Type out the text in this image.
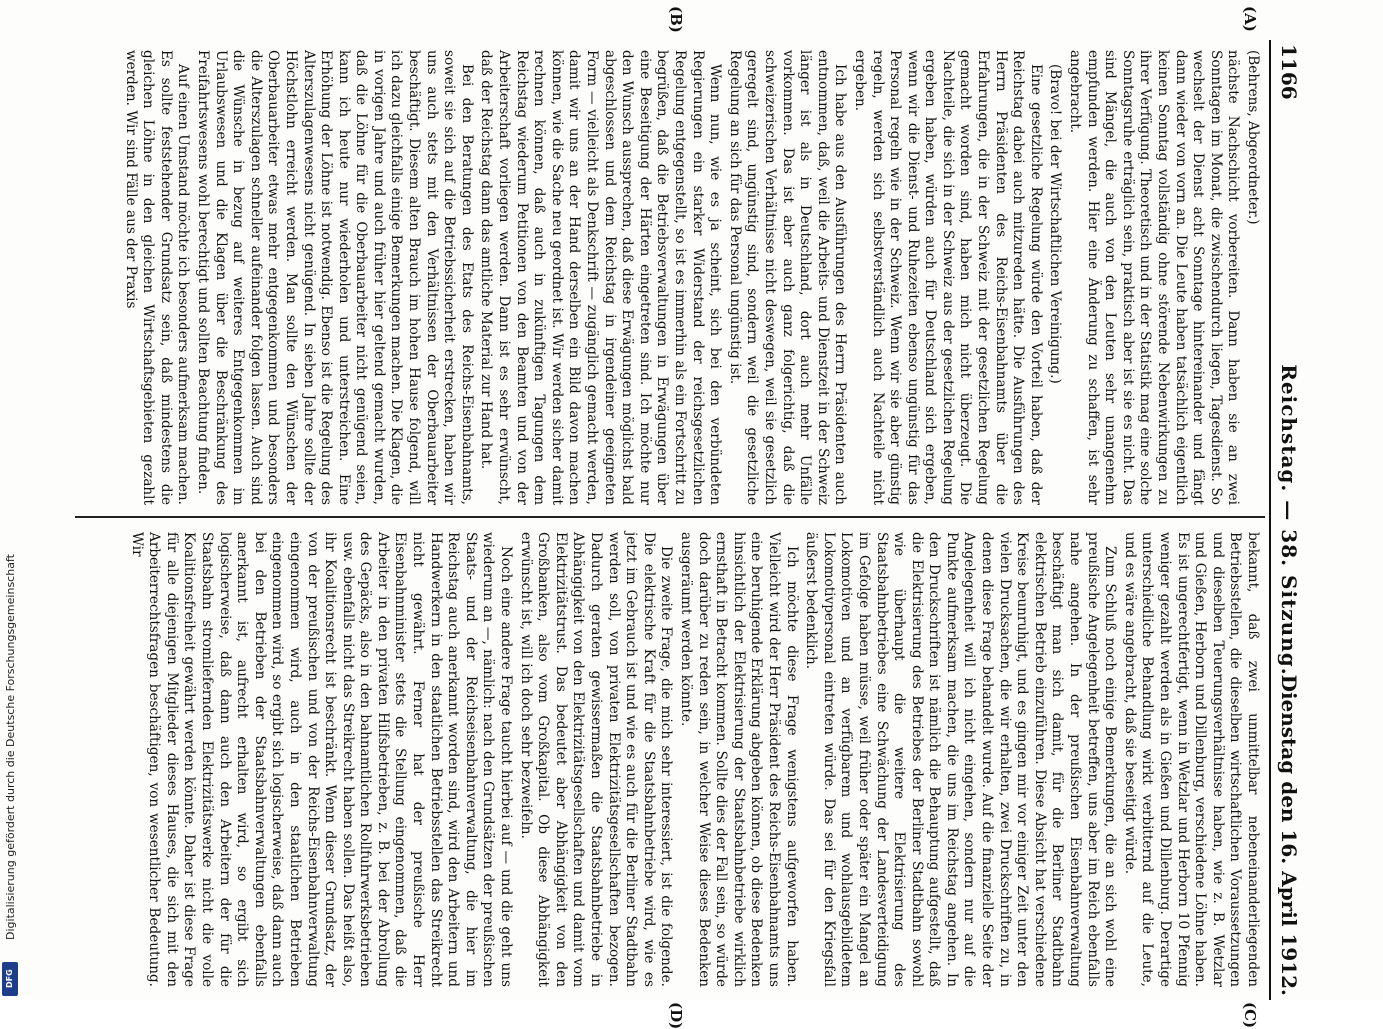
1166
Reichstag. — 38. Sitzung.
Dienstag den 16. April 1912.

(Behrens, Abgeordneter.)

nächste Nachschicht vorbereiten. Dann haben sie an zwei Sonntagen im Monat, die zwischendurch liegen, Tagesdienst. So wechselt der Dienst acht Sonntage hintereinander und fängt dann wieder von vorn an. Die Leute haben tatsächlich eigentlich keinen Sonntag vollständig ohne störende Nebenwirkungen zu ihrer Verfügung. Theoretisch und in der Statistik mag eine solche Sonntagsruhe erträglich sein, praktisch aber ist sie es nicht. Das sind Mängel, die auch von den Leuten sehr unangenehm empfunden werden. Hier eine Änderung zu schaffen, ist sehr angebracht.

(Bravo! bei der Wirtschaftlichen Vereinigung.)

Eine gesetzliche Regelung würde den Vorteil haben, daß der Reichstag dabei auch mitzureden hätte. Die Ausführungen des Herrn Präsidenten des Reichs-Eisenbahnamts über die Erfahrungen, die in der Schweiz mit der gesetzlichen Regelung gemacht worden sind, haben mich nicht überzeugt. Die Nachteile, die sich in der Schweiz aus der gesetzlichen Regelung ergeben haben, würden auch für Deutschland sich ergeben, wenn wir die Dienst- und Ruhezeiten ebenso ungünstig für das Personal regeln wie in der Schweiz. Wenn wir sie aber günstig regeln, werden sich selbstverständlich auch Nachteile nicht ergeben.

Ich habe aus den Ausführungen des Herrn Präsidenten auch entnommen, daß, weil die Arbeits- und Dienstzeit in der Schweiz länger ist als in Deutschland, dort auch mehr Unfälle vorkommen. Das ist aber auch ganz folgerichtig, daß die schweizerischen Verhältnisse nicht deswegen, weil sie gesetzlich geregelt sind, ungünstig sind, sondern weil die gesetzliche Regelung an sich für das Personal ungünstig ist.

Wenn nun, wie es ja scheint, sich bei den verbündeten Regierungen ein starker Widerstand der reichsgesetzlichen Regelung entgegenstellt, so ist es immerhin als ein Fortschritt zu begrüßen, daß die Betriebsverwaltungen in Erwägungen über eine Beseitigung der Härten eingetreten sind. Ich möchte nur den Wunsch aussprechen, daß diese Erwägungen möglichst bald abgeschlossen und dem Reichstag in irgendeiner geeigneten Form — vielleicht als Denkschrift — zugänglich gemacht werden, damit wir uns an der Hand derselben ein Bild davon machen können, wie die Sache neu geordnet ist. Wir werden sicher damit rechnen können, daß auch in zukünftigen Tagungen dem Reichstag wiederum Petitionen von den Beamten und von der Arbeiterschaft vorliegen werden. Dann ist es sehr erwünscht, daß der Reichstag dann das amtliche Material zur Hand hat.

Bei den Beratungen des Etats des Reichs-Eisenbahnamts, soweit sie sich auf die Betriebssicherheit erstrecken, haben wir uns auch stets mit den Verhältnissen der Oberbauarbeiter beschäftigt. Diesem alten Brauch im hohen Hause folgend, will ich dazu gleichfalls einige Bemerkungen machen. Die Klagen, die in vorigen Jahre und auch früher hier geltend gemacht wurden, daß die Löhne für die Oberbauarbeiter nicht genügend seien, kann ich heute nur wiederholen und unterstreichen. Eine Erhöhung der Löhne ist notwendig. Ebenso ist die Regelung des Alterszulagenwesens nicht genügend. In sieben Jahre sollte der Höchstlohn erreicht werden. Man sollte den Wünschen der Oberbauarbeiter etwas mehr entgegenkommen und besonders die Alterszulagen schneller aufeinander folgen lassen. Auch sind die Wünsche in bezug auf weiteres Entgegenkommen im Urlaubswesen und die Klagen über die Beschränkung des Freifahrtswesens wohl berechtigt und sollten Beachtung finden.

Auf einen Umstand möchte ich besonders aufmerksam machen. Es sollte feststehender Grundsatz sein, daß mindestens die gleichen Löhne in den gleichen Wirtschaftsgebieten gezahlt werden. Wir sind Fälle aus der Praxis

bekannt, daß zwei unmittelbar nebeneinanderliegenden Betriebsstellen, die dieselben wirtschaftlichen Voraussetzungen und dieselben Teuerungsverhältnisse haben, wie z. B. Wetzlar und Gießen, Herborn und Dillenburg, verschiedene Löhne haben. Es ist ungerechtfertigt, wenn in Wetzlar und Herborn 10 Pfennig weniger gezahlt werden als in Gießen und Dillenburg. Derartige unterschiedliche Behandlung wirkt verbitternd auf die Leute, und es wäre angebracht, daß sie beseitigt würde.

Zum Schluß noch einige Bemerkungen, die an sich wohl eine preußische Angelegenheit betreffen, uns aber im Reich ebenfalls nahe angehen. In der preußischen Eisenbahnverwaltung beschäftigt man sich damit, für die Berliner Stadtbahn elektrischen Betrieb einzuführen. Diese Absicht hat verschiedene Kreise beunruhigt, und es gingen mir vor einiger Zeit unter den vielen Drucksachen, die wir erhalten, zwei Druckschriften zu, in denen diese Frage behandelt wurde. Auf die finanzielle Seite der Angelegenheit will ich nicht eingehen, sondern nur auf die Punkte aufmerksam machen, die uns im Reichstag angehen. In den Druckschriften ist nämlich die Behauptung aufgestellt, daß die Elektrisierung des Betriebes der Berliner Stadtbahn sowohl wie überhaupt die weitere Elektrisierung des Staatsbahnbetriebes eine Schwächung der Landesverteidigung im Gefolge haben müsse, weil früher oder später ein Mangel an Lokomotiven und an verfügbarem und wohlausgebildetem Lokomotivpersonal eintreten würde. Das sei für den Kriegsfall äußerst bedenklich.

Ich möchte diese Frage wenigstens aufgeworfen haben. Vielleicht wird der Herr Präsident des Reichs-Eisenbahnamts uns eine beruhigende Erklärung abgeben können, ob diese Bedenken hinsichtlich der Elektrisierung der Staatsbahnbetriebe wirklich ernsthaft in Betracht kommen. Sollte dies der Fall sein, so würde doch darüber zu reden sein, in welcher Weise dieses Bedenken ausgeräumt werden könnte.

Die zweite Frage, die mich sehr interessiert, ist die folgende. Die elektrische Kraft für die Staatsbahnbetriebe wird, wie es jetzt im Gebrauch ist und wie es auch für die Berliner Stadtbahn werden soll, von privaten Elektrizitätsgesellschaften bezogen. Dadurch geraten gewissermaßen die Staatsbahnbetriebe in Abhängigkeit von den Elektrizitätsgesellschaften und damit vom Elektrizitätstrust. Das bedeutet aber Abhängigkeit von den Großbanken, also vom Großkapital. Ob diese Abhängigkeit erwünscht ist, will ich doch sehr bezweifeln.

Noch eine andere Frage taucht hierbei auf — und die geht uns wiederum an —, nämlich: nach den Grundsätzen der preußischen Staats- und der Reichseisenbahnverwaltung, die hier im Reichstag auch anerkannt worden sind, wird den Arbeitern und Handwerkern in den staatlichen Betriebsstellen das Streikrecht nicht gewährt. Ferner hat der preußische Herr Eisenbahnminister stets die Stellung eingenommen, daß die Arbeiter in den privaten Hilfsbetrieben, z. B. bei der Abrollung des Gepäcks, also in den bahnamtlichen Rollfuhrwerksbetrieben usw. ebenfalls nicht das Streikrecht haben sollen. Das heißt also, ihr Koalitionsrecht ist beschränkt. Wenn dieser Grundsatz, der von der preußischen und von der Reichs-Eisenbahnverwaltung eingenommen wird, auch in den staatlichen Betrieben eingenommen wird, so ergibt sich logischerweise, daß dann auch bei den Betrieben der Staatsbahnverwaltungen ebenfalls anerkannt ist, aufrecht erhalten wird, so ergibt sich logischerweise, daß dann auch den Arbeitern der für die Staatsbahn stromliefernden Elektrizitätswerke nicht die volle Koalitionsfreiheit gewährt werden könnte. Daher ist diese Frage für alle diejenigen Mitglieder dieses Hauses, die sich mit den Arbeiterrechtsfragen beschäftigen, von wesentlicher Bedeutung. Wir

(A)
(B)
(C)
(D)
Digitalisierung gefördert durch die Deutsche Forschungsgemeinschaft
DFG
